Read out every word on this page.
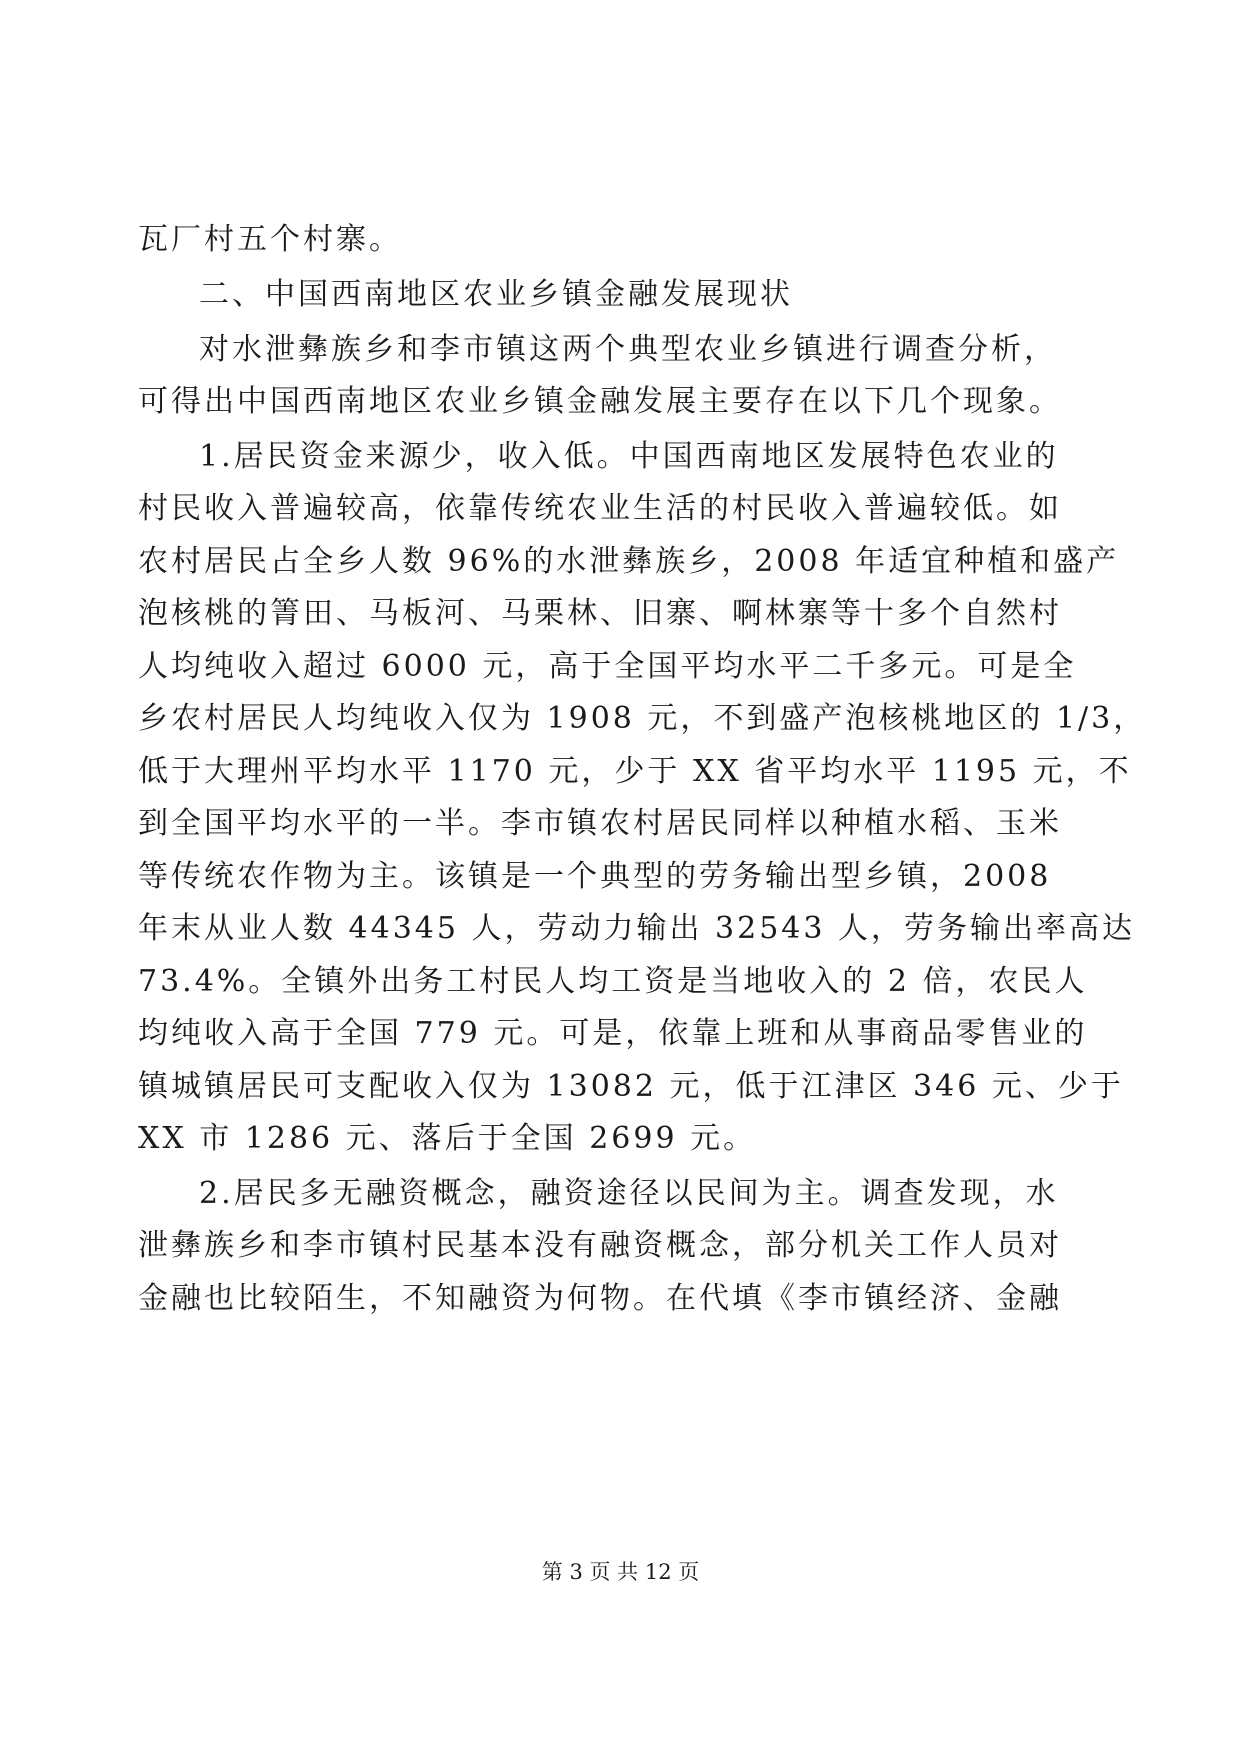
瓦厂村五个村寨。
二、中国西南地区农业乡镇金融发展现状
对水泄彝族乡和李市镇这两个典型农业乡镇进行调查分析，
可得出中国西南地区农业乡镇金融发展主要存在以下几个现象。
1.居民资金来源少，收入低。中国西南地区发展特色农业的
村民收入普遍较高，依靠传统农业生活的村民收入普遍较低。如
农村居民占全乡人数 96%的水泄彝族乡，2008 年适宜种植和盛产
泡核桃的箐田、马板河、马栗林、旧寨、啊林寨等十多个自然村
人均纯收入超过 6000 元，高于全国平均水平二千多元。可是全
乡农村居民人均纯收入仅为 1908 元，不到盛产泡核桃地区的 1/3，
低于大理州平均水平 1170 元，少于 XX 省平均水平 1195 元，不
到全国平均水平的一半。李市镇农村居民同样以种植水稻、玉米
等传统农作物为主。该镇是一个典型的劳务输出型乡镇，2008
年末从业人数 44345 人，劳动力输出 32543 人，劳务输出率高达
73.4%。全镇外出务工村民人均工资是当地收入的 2 倍，农民人
均纯收入高于全国 779 元。可是，依靠上班和从事商品零售业的
镇城镇居民可支配收入仅为 13082 元，低于江津区 346 元、少于
XX 市 1286 元、落后于全国 2699 元。
2.居民多无融资概念，融资途径以民间为主。调查发现，水
泄彝族乡和李市镇村民基本没有融资概念，部分机关工作人员对
金融也比较陌生，不知融资为何物。在代填《李市镇经济、金融
第 3 页 共 12 页
